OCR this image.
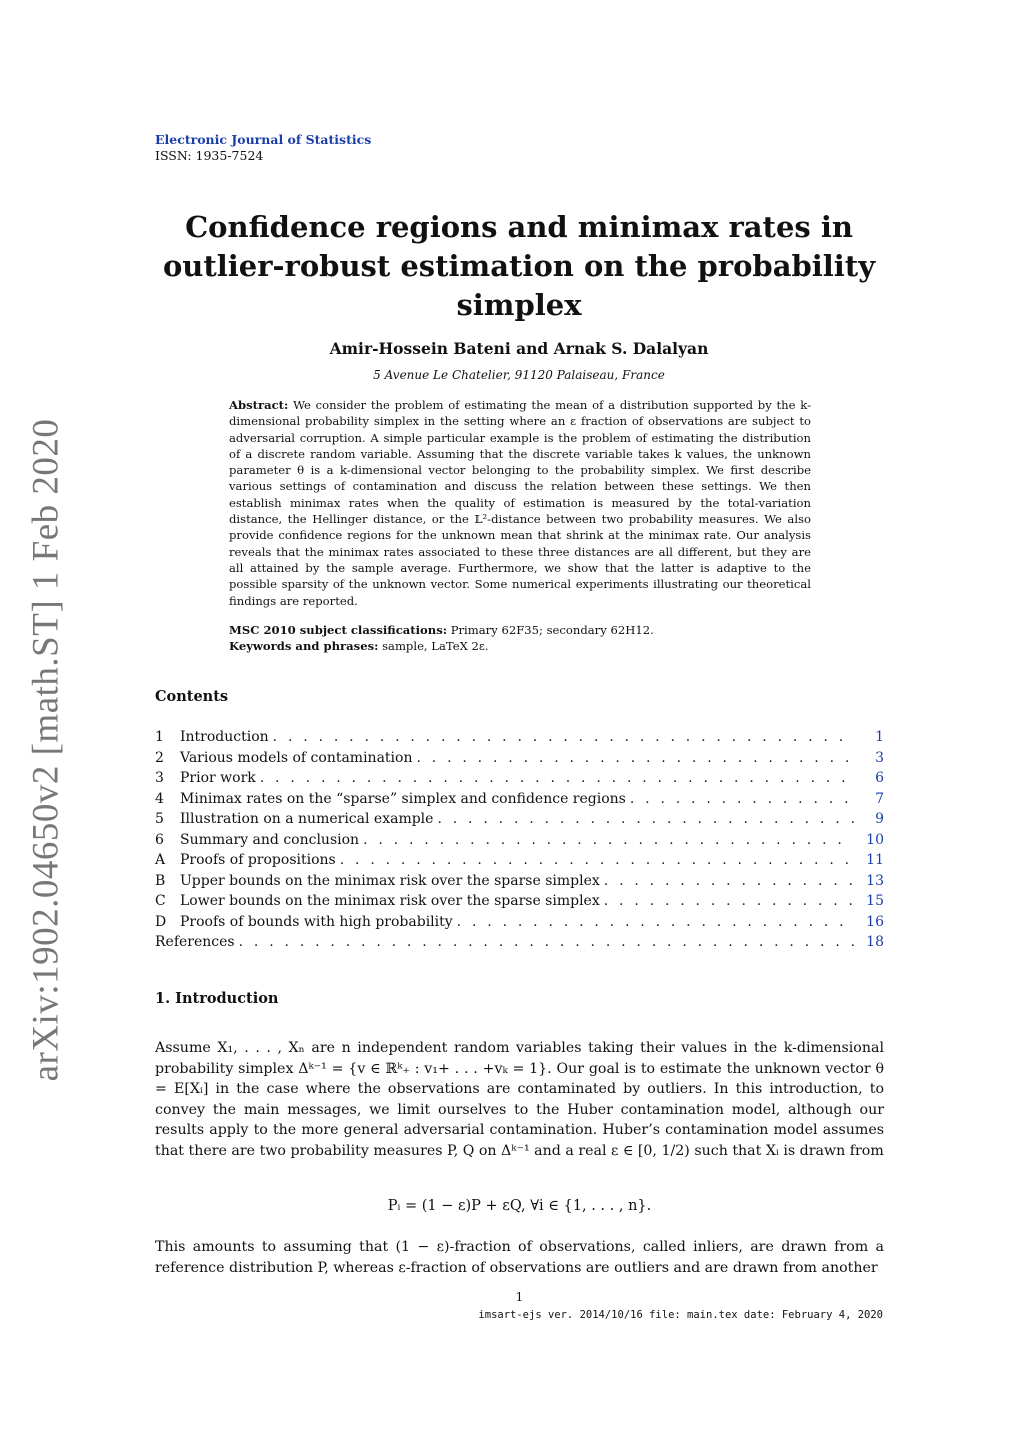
arXiv:1902.04650v2 [math.ST] 1 Feb 2020
Electronic Journal of Statistics
ISSN: 1935-7524
Confidence regions and minimax rates in outlier-robust estimation on the probability simplex
Amir-Hossein Bateni and Arnak S. Dalalyan
5 Avenue Le Chatelier, 91120 Palaiseau, France
Abstract: We consider the problem of estimating the mean of a distribution supported by the k-dimensional probability simplex in the setting where an ε fraction of observations are subject to adversarial corruption. A simple particular example is the problem of estimating the distribution of a discrete random variable. Assuming that the discrete variable takes k values, the unknown parameter θ is a k-dimensional vector belonging to the probability simplex. We first describe various settings of contamination and discuss the relation between these settings. We then establish minimax rates when the quality of estimation is measured by the total-variation distance, the Hellinger distance, or the 𝕃²-distance between two probability measures. We also provide confidence regions for the unknown mean that shrink at the minimax rate. Our analysis reveals that the minimax rates associated to these three distances are all different, but they are all attained by the sample average. Furthermore, we show that the latter is adaptive to the possible sparsity of the unknown vector. Some numerical experiments illustrating our theoretical findings are reported.
MSC 2010 subject classifications: Primary 62F35; secondary 62H12.
Keywords and phrases: sample, LaTeX 2ε.
Contents
1	Introduction . . .	1
2	Various models of contamination . . .	3
3	Prior work . . .	6
4	Minimax rates on the “sparse” simplex and confidence regions . . .	7
5	Illustration on a numerical example . . .	9
6	Summary and conclusion . . .	10
A	Proofs of propositions . . .	11
B	Upper bounds on the minimax risk over the sparse simplex . . .	13
C	Lower bounds on the minimax risk over the sparse simplex . . .	15
D Proofs of bounds with high probability . . .	16
References . . .	18
1. Introduction
Assume X₁, . . . , Xₙ are n independent random variables taking their values in the k-dimensional probability simplex Δᵏ⁻¹ = {v ∈ ℝᵏ₊ : v₁+ . . . +vₖ = 1}. Our goal is to estimate the unknown vector θ = E[Xᵢ] in the case where the observations are contaminated by outliers. In this introduction, to convey the main messages, we limit ourselves to the Huber contamination model, although our results apply to the more general adversarial contamination. Huber’s contamination model assumes that there are two probability measures P, Q on Δᵏ⁻¹ and a real ε ∈ [0, 1/2) such that Xᵢ is drawn from
Pᵢ = (1 − ε)P + εQ, ∀i ∈ {1, . . . , n}.
This amounts to assuming that (1 − ε)-fraction of observations, called inliers, are drawn from a reference distribution P, whereas ε-fraction of observations are outliers and are drawn from another
1
imsart-ejs ver. 2014/10/16 file: main.tex date: February 4, 2020
